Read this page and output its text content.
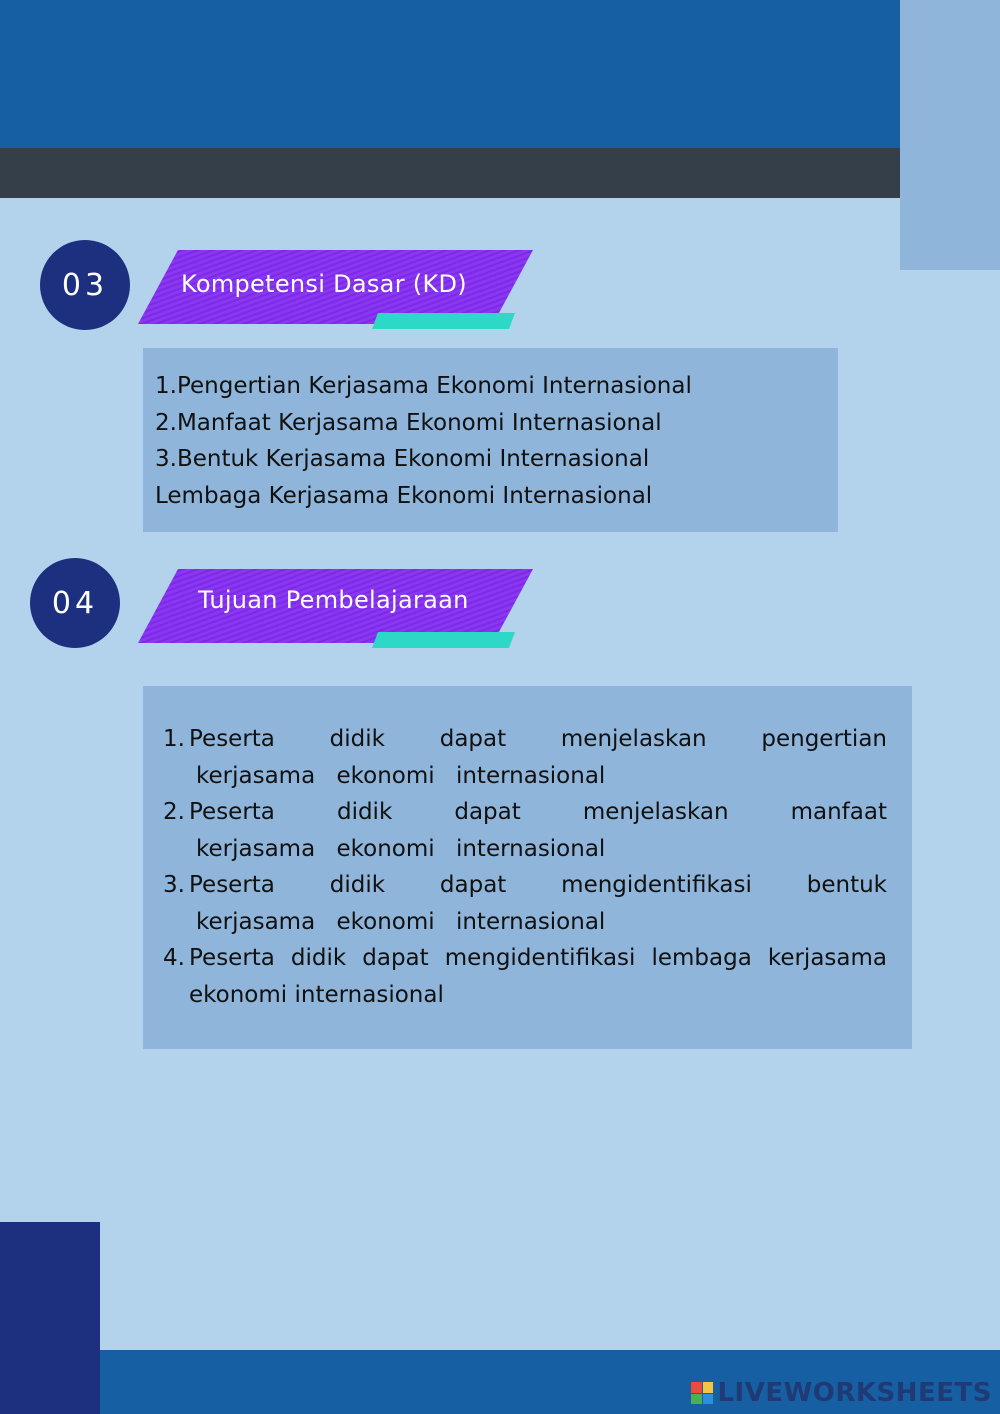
03	Kompetensi Dasar (KD)
1.Pengertian Kerjasama Ekonomi Internasional
2.Manfaat Kerjasama Ekonomi Internasional
3.Bentuk Kerjasama Ekonomi Internasional
Lembaga Kerjasama Ekonomi Internasional
04	Tujuan Pembelajaraan
1. Peserta didik dapat menjelaskan pengertian
kerjasama ekonomi internasional
2. Peserta didik dapat menjelaskan manfaat
kerjasama ekonomi internasional
3. Peserta didik dapat mengidentifikasi bentuk
kerjasama ekonomi internasional
4. Peserta didik dapat mengidentifikasi lembaga kerjasama
ekonomi internasional
LIVEWORKSHEETS
